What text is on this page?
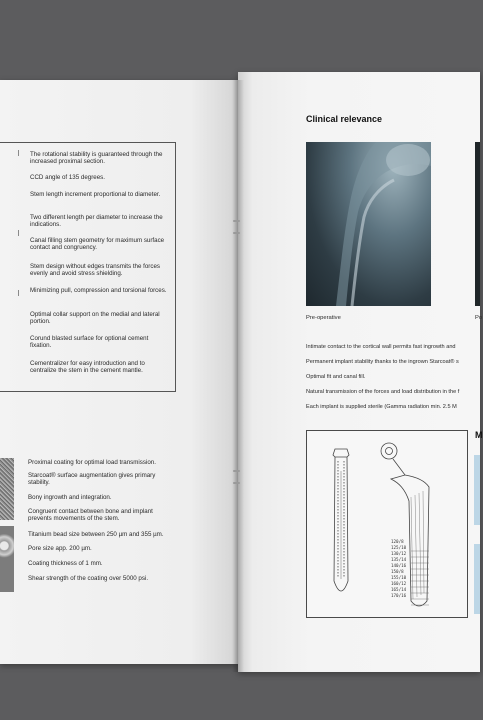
The rotational stability is guaranteed through the increased proximal section.

CCD angle of 135 degrees.

Stem length increment proportional to diameter.

Two different length per diameter to increase the indications.

Canal filling stem geometry for maximum surface contact and congruency.

Stem design without edges transmits the forces evenly and avoid stress shielding.

Minimizing pull, compression and torsional forces.

Optimal collar support on the medial and lateral portion.

Corund blasted surface for optional cement fixation.

Cementralizer for easy introduction and to centralize the stem in the cement mantle.

Proximal coating for optimal load transmission.

Starcoat® surface augmentation gives primary stability.

Bony ingrowth and integration.

Congruent contact between bone and implant prevents movements of the stem.

Titanium bead size between 250 µm and 355 µm.

Pore size app. 200 µm.

Coating thickness of 1 mm.

Shear strength of the coating over 5000 psi.

Clinical relevance
Pre-operative	Po
Intimate contact to the cortical wall permits fast ingrowth and
Permanent implant stability thanks to the ingrown Starcoat® s
Optimal fit and canal fill.
Natural transmission of the forces and load distribution in the f
Each implant is supplied sterile (Gamma radiation min. 2.5 M
120/8
125/10
130/12
135/14
140/16
150/8
155/10
160/12
165/14
170/16
M
